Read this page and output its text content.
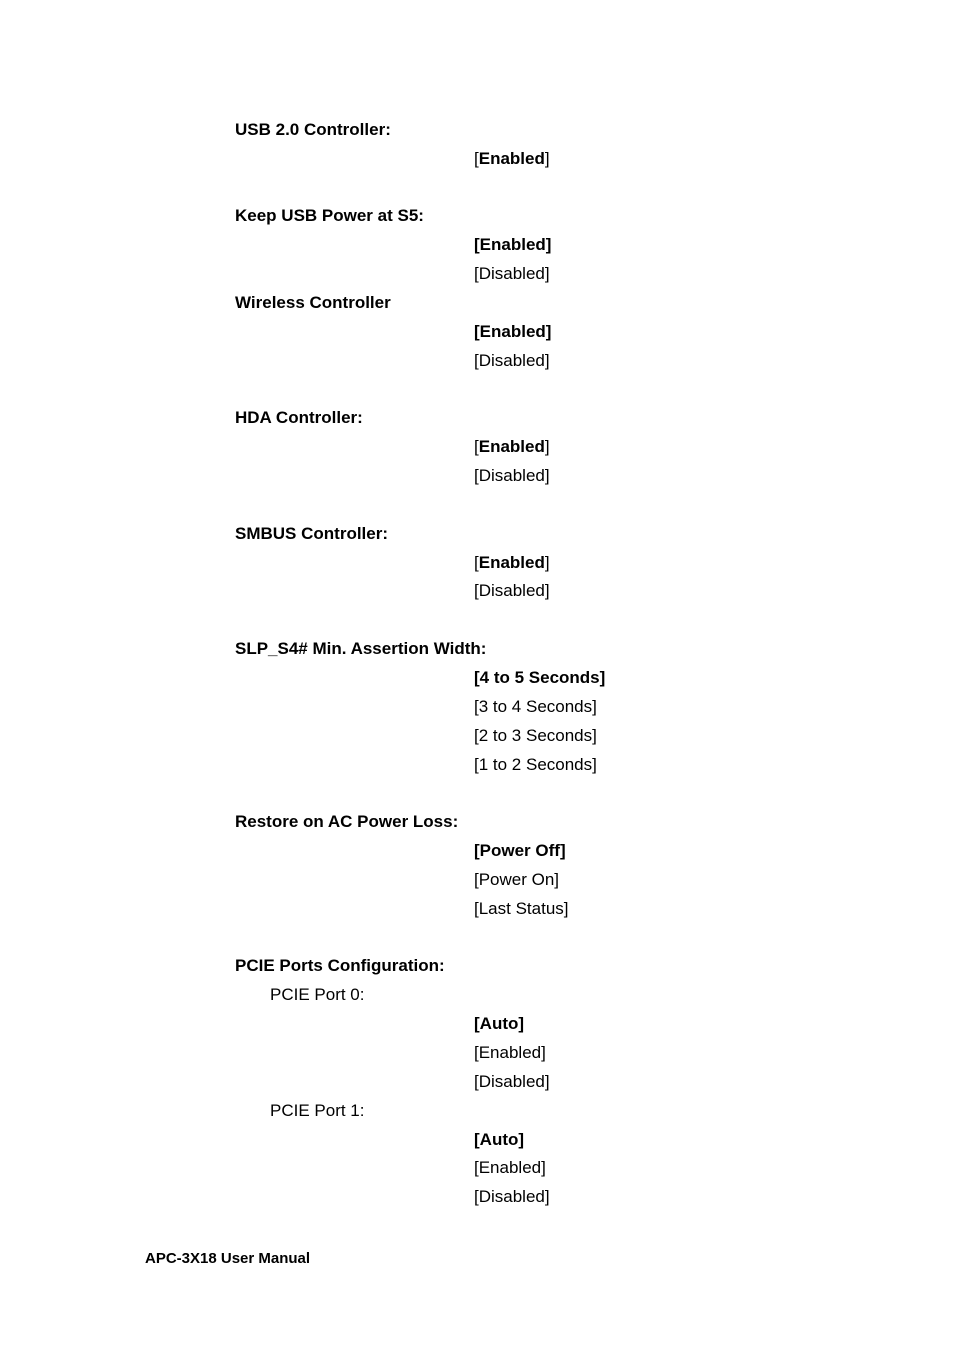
USB 2.0 Controller:
[Enabled]
Keep USB Power at S5:
[Enabled]
[Disabled]
Wireless Controller
[Enabled]
[Disabled]
HDA Controller:
[Enabled]
[Disabled]
SMBUS Controller:
[Enabled]
[Disabled]
SLP_S4# Min. Assertion Width:
[4 to 5 Seconds]
[3 to 4 Seconds]
[2 to 3 Seconds]
[1 to 2 Seconds]
Restore on AC Power Loss:
[Power Off]
[Power On]
[Last Status]
PCIE Ports Configuration:
PCIE Port 0:
[Auto]
[Enabled]
[Disabled]
PCIE Port 1:
[Auto]
[Enabled]
[Disabled]
APC-3X18 User Manual
